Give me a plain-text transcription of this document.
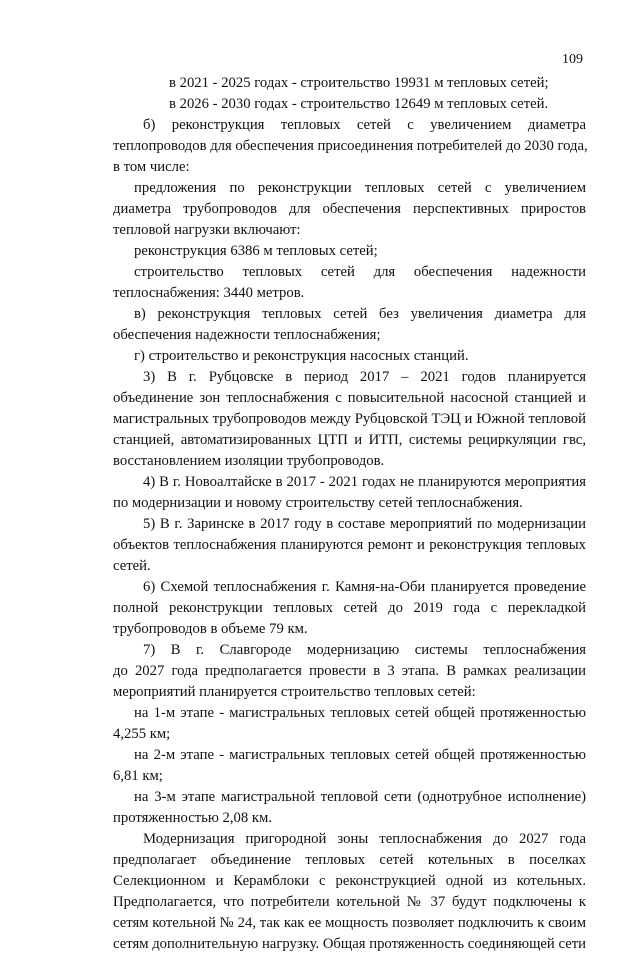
109
в 2021 - 2025 годах - строительство 19931 м тепловых сетей;
в 2026 - 2030 годах - строительство 12649 м тепловых сетей.
б) реконструкция тепловых сетей с увеличением диаметра
теплопроводов для обеспечения присоединения потребителей до 2030 года,
в том числе:
предложения по реконструкции тепловых сетей с увеличением
диаметра трубопроводов для обеспечения перспективных приростов
тепловой нагрузки включают:
реконструкция 6386 м тепловых сетей;
строительство тепловых сетей для обеспечения надежности
теплоснабжения: 3440 метров.
в) реконструкция тепловых сетей без увеличения диаметра для
обеспечения надежности теплоснабжения;
г) строительство и реконструкция насосных станций.
3) В г. Рубцовске в период 2017 – 2021 годов планируется
объединение зон теплоснабжения с повысительной насосной станцией и
магистральных трубопроводов между Рубцовской ТЭЦ и Южной тепловой
станцией, автоматизированных ЦТП и ИТП, системы рециркуляции гвс,
восстановлением изоляции трубопроводов.
4) В г. Новоалтайске в 2017 - 2021 годах не планируются мероприятия
по модернизации и новому строительству сетей теплоснабжения.
5) В г. Заринске в 2017 году в составе мероприятий по модернизации
объектов теплоснабжения планируются ремонт и реконструкция тепловых
сетей.
6) Схемой теплоснабжения г. Камня-на-Оби планируется проведение
полной реконструкции тепловых сетей до 2019 года с перекладкой
трубопроводов в объеме 79 км.
7) В г. Славгороде модернизацию системы теплоснабжения
до 2027 года предполагается провести в 3 этапа. В рамках реализации
мероприятий планируется строительство тепловых сетей:
на 1-м этапе - магистральных тепловых сетей общей протяженностью
4,255 км;
на 2-м этапе - магистральных тепловых сетей общей протяженностью
6,81 км;
на 3-м этапе магистральной тепловой сети (однотрубное исполнение)
протяженностью 2,08 км.
Модернизация пригородной зоны теплоснабжения до 2027 года
предполагает объединение тепловых сетей котельных в поселках
Селекционном и Керамблоки с реконструкцией одной из котельных.
Предполагается, что потребители котельной № 37 будут подключены к
сетям котельной № 24, так как ее мощность позволяет подключить к своим
сетям дополнительную нагрузку. Общая протяженность соединяющей сети
